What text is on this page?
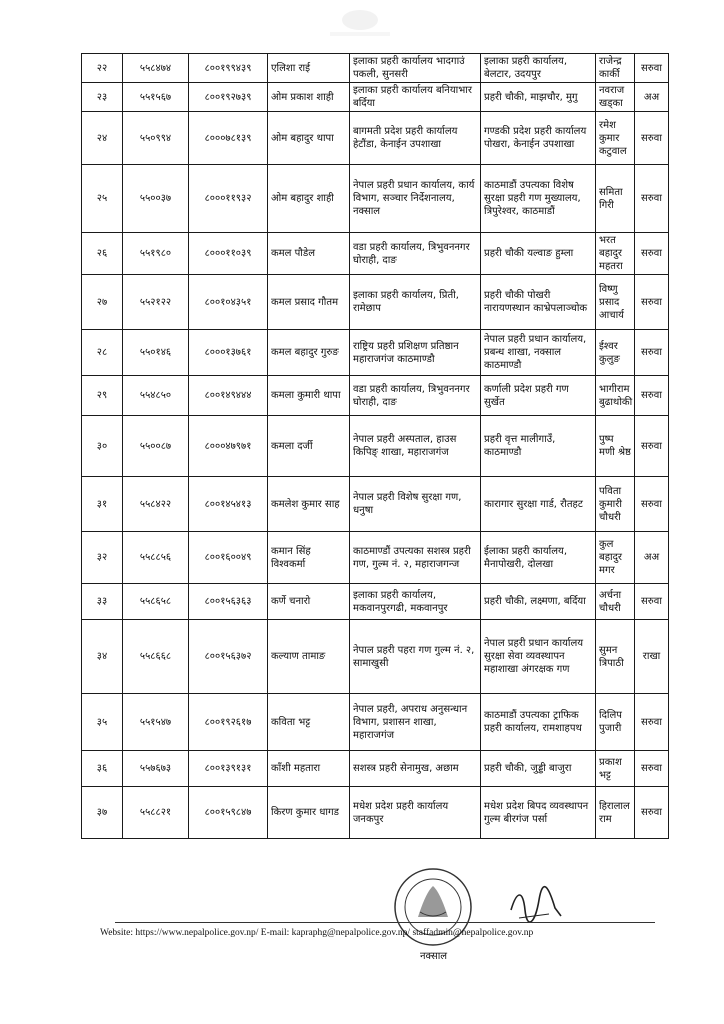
२२	५५८४७४	८००१९९४३९	एलिशा राई	इलाका प्रहरी कार्यालय भादगाउं पकली, सुनसरी	इलाका प्रहरी कार्यालय, बेलटार, उदयपुर	राजेन्द्र कार्की	सरुवा
२३	५५१५६७	८००१९२७३९	ओम प्रकाश शाही	इलाका प्रहरी कार्यालय बनियाभार बर्दिया	प्रहरी चौकी, माझचौर, मुगु	नवराज खड्का	अअ
२४	५५०९९४	८०००७८१३९	ओम बहादुर थापा	बागमती प्रदेश प्रहरी कार्यालय हेटौंडा, केनाईन उपशाखा	गण्डकी प्रदेश प्रहरी कार्यालय पोखरा, केनाईन उपशाखा	रमेश कुमार कटुवाल	सरुवा
२५	५५००३७	८०००११९३२	ओम बहादुर शाही	नेपाल प्रहरी प्रधान कार्यालय, कार्य विभाग, सञ्चार निर्देशनालय, नक्साल	काठमाडौं उपत्यका विशेष सुरक्षा प्रहरी गण मुख्यालय, त्रिपुरेश्वर, काठमाडौं	समिता गिरी	सरुवा
२६	५५१९८०	८०००११०३९	कमल पौडेल	वडा प्रहरी कार्यालय, त्रिभुवननगर घोराही, दाङ	प्रहरी चौकी यल्वाङ हुम्ला	भरत बहादुर महतरा	सरुवा
२७	५५२१२२	८००१०४३५१	कमल प्रसाद गौतम	इलाका प्रहरी कार्यालय, प्रिती, रामेछाप	प्रहरी चौकी पोखरी नारायणस्थान काभ्रेपलाञ्चोक	विष्णु प्रसाद आचार्य	सरुवा
२८	५५०१४६	८०००१३७६१	कमल बहादुर गुरुङ	राष्ट्रिय प्रहरी प्रशिक्षण प्रतिष्ठान महाराजगंज काठमाण्डौ	नेपाल प्रहरी प्रधान कार्यालय, प्रबन्ध शाखा, नक्साल काठमाण्डौ	ईश्वर कुलुङ	सरुवा
२९	५५४८५०	८००१४९४४४	कमला कुमारी थापा	वडा प्रहरी कार्यालय, त्रिभुवननगर घोराही, दाङ	कर्णाली प्रदेश प्रहरी गण सुर्खेत	भागीराम बुढाथोकी	सरुवा
३०	५५००८७	८०००४७९७१	कमला दर्जी	नेपाल प्रहरी अस्पताल, हाउस किपिङ् शाखा, महाराजगंज	प्रहरी वृत्त मालीगाउँ, काठमाण्डौ	पुष्प मणी श्रेष्ठ	सरुवा
३१	५५८४२२	८००१४५४१३	कमलेश कुमार साह	नेपाल प्रहरी विशेष सुरक्षा गण, धनुषा	कारागार सुरक्षा गार्ड, रौतहट	पविता कुमारी चौधरी	सरुवा
३२	५५८८५६	८००१६००४९	कमान सिंह विश्वकर्मा	काठमाण्डौं उपत्यका सशस्त्र प्रहरी गण, गुल्म नं. २, महाराजगन्ज	ईलाका प्रहरी कार्यालय, मैनापोखरी, दोलखा	कुल बहादुर मगर	अअ
३३	५५८६५८	८००१५६३६३	कर्णे चनारो	इलाका प्रहरी कार्यालय, मकवानपुरगढी, मकवानपुर	प्रहरी चौकी, लक्ष्मणा, बर्दिया	अर्चना चौधरी	सरुवा
३४	५५८६६८	८००१५६३७२	कल्याण तामाङ	नेपाल प्रहरी पहरा गण गुल्म नं. २, सामाखुसी	नेपाल प्रहरी प्रधान कार्यालय सुरक्षा सेवा व्यवस्थापन महाशाखा अंगरक्षक गण	सुमन त्रिपाठी	राखा
३५	५५१५४७	८००१९२६१७	कविता भट्ट	नेपाल प्रहरी, अपराध अनुसन्धान विभाग, प्रशासन शाखा, महाराजगंज	काठमाडौं उपत्यका ट्राफिक प्रहरी कार्यालय, रामशाहपथ	दिलिप पुजारी	सरुवा
३६	५५७६७३	८००१३९१३१	काँशी महतारा	सशस्त्र प्रहरी सेनामुख, अछाम	प्रहरी चौकी, जुड्डी बाजुरा	प्रकाश भट्ट	सरुवा
३७	५५८८२१	८००१५९८४७	किरण कुमार धागड	मधेश प्रदेश प्रहरी कार्यालय जनकपुर	मधेश प्रदेश बिपद व्यवस्थापन गुल्म बीरगंज पर्सा	हिरालाल राम	सरुवा
Website: https://www.nepalpolice.gov.np/ E-mail: kapraphg@nepalpolice.gov.np/ staffadmin@nepalpolice.gov.np
नक्साल
